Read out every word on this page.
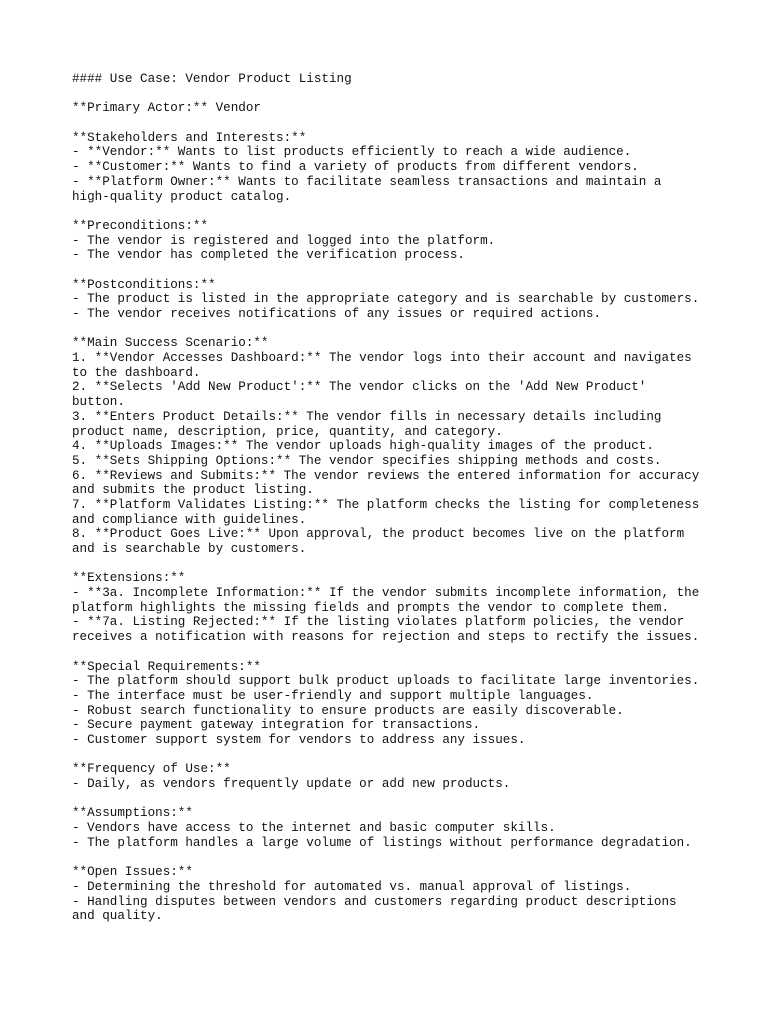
#### Use Case: Vendor Product Listing
**Primary Actor:** Vendor
**Stakeholders and Interests:**
- **Vendor:** Wants to list products efficiently to reach a wide audience.
- **Customer:** Wants to find a variety of products from different vendors.
- **Platform Owner:** Wants to facilitate seamless transactions and maintain a
high-quality product catalog.
**Preconditions:**
- The vendor is registered and logged into the platform.
- The vendor has completed the verification process.
**Postconditions:**
- The product is listed in the appropriate category and is searchable by customers.
- The vendor receives notifications of any issues or required actions.
**Main Success Scenario:**
1. **Vendor Accesses Dashboard:** The vendor logs into their account and navigates
to the dashboard.
2. **Selects 'Add New Product':** The vendor clicks on the 'Add New Product'
button.
3. **Enters Product Details:** The vendor fills in necessary details including
product name, description, price, quantity, and category.
4. **Uploads Images:** The vendor uploads high-quality images of the product.
5. **Sets Shipping Options:** The vendor specifies shipping methods and costs.
6. **Reviews and Submits:** The vendor reviews the entered information for accuracy
and submits the product listing.
7. **Platform Validates Listing:** The platform checks the listing for completeness
and compliance with guidelines.
8. **Product Goes Live:** Upon approval, the product becomes live on the platform
and is searchable by customers.
**Extensions:**
- **3a. Incomplete Information:** If the vendor submits incomplete information, the
platform highlights the missing fields and prompts the vendor to complete them.
- **7a. Listing Rejected:** If the listing violates platform policies, the vendor
receives a notification with reasons for rejection and steps to rectify the issues.
**Special Requirements:**
- The platform should support bulk product uploads to facilitate large inventories.
- The interface must be user-friendly and support multiple languages.
- Robust search functionality to ensure products are easily discoverable.
- Secure payment gateway integration for transactions.
- Customer support system for vendors to address any issues.
**Frequency of Use:**
- Daily, as vendors frequently update or add new products.
**Assumptions:**
- Vendors have access to the internet and basic computer skills.
- The platform handles a large volume of listings without performance degradation.
**Open Issues:**
- Determining the threshold for automated vs. manual approval of listings.
- Handling disputes between vendors and customers regarding product descriptions
and quality.
